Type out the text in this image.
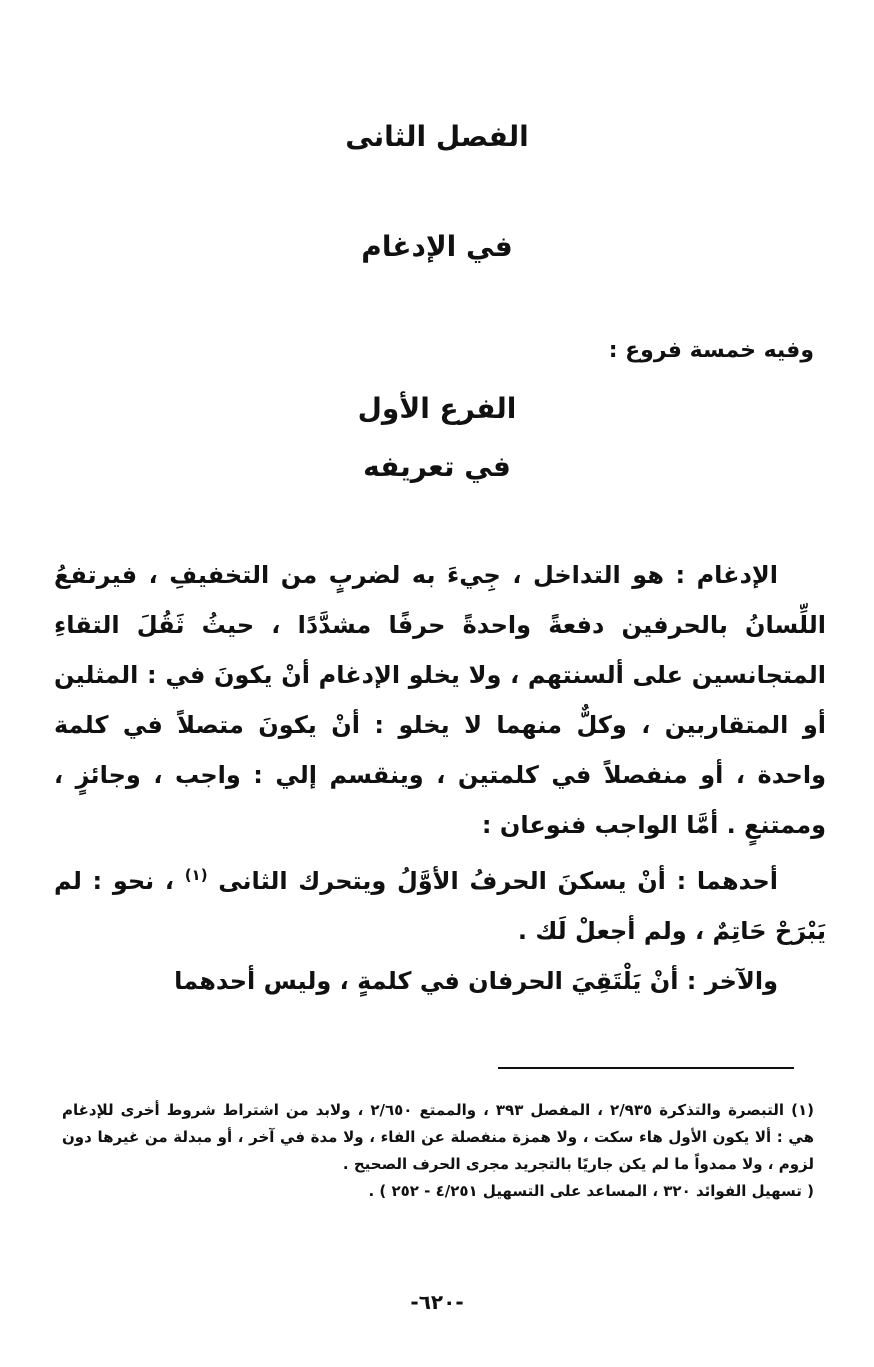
الفصل الثانى
في الإدغام
وفيه خمسة فروع :
الفرع الأول
في تعريفه

الإدغام : هو التداخل ، جِيءَ به لضربٍ من التخفيفِ ، فيرتفعُ اللِّسانُ بالحرفين دفعةً واحدةً حرفًا مشدَّدًا ، حيثُ ثَقُلَ التقاءِ المتجانسين على ألسنتهم ، ولا يخلو الإدغام أنْ يكونَ في : المثلين أو المتقاربين ، وكلٌّ منهما لا يخلو : أنْ يكونَ متصلاً في كلمة واحدة ، أو منفصلاً في كلمتين ، وينقسم إلي : واجب ، وجائزٍ ، وممتنعٍ . أمَّا الواجب فنوعان :

أحدهما : أنْ يسكنَ الحرفُ الأوَّلُ ويتحرك الثانى $^{(١)}$ ، نحو : لم يَبْرَحْ حَاتِمٌ ، ولم أجعلْ لَك .

والآخر : أنْ يَلْتَقِيَ الحرفان في كلمةٍ ، وليس أحدهما

(١) التبصرة والتذكرة ٢/٩٣٥ ، المفصل ٣٩٣ ، والممتع ٢/٦٥٠ ، ولابد من اشتراط شروط أخرى للإدغام هي : ألا يكون الأول هاء سكت ، ولا همزة منفصلة عن الفاء ، ولا مدة في آخر ، أو مبدلة من غيرها دون لزوم ، ولا ممدواً ما لم يكن جاريًا بالتجريد مجرى الحرف الصحيح .

( تسهيل الفوائد ٣٢٠ ، المساعد على التسهيل ٤/٢٥١ - ٢٥٢ ) .

-٦٢٠-
